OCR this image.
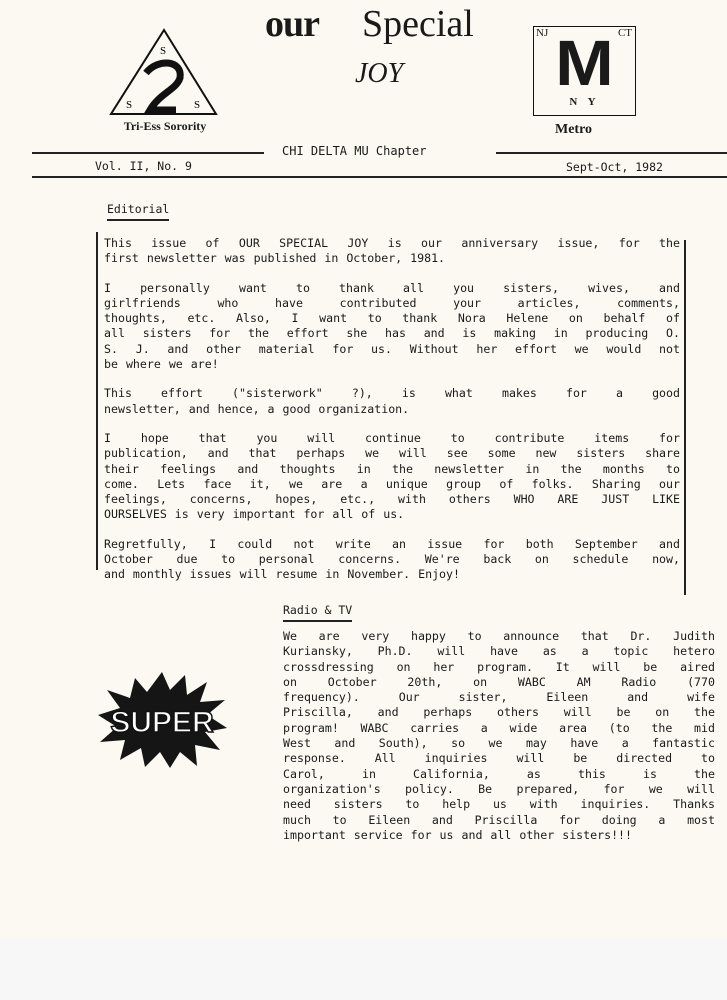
our Special
JOY
S
S	S
Tri-Ess Sorority
NJ	CT
M
N Y
Metro
CHI DELTA MU Chapter
Vol. II, No. 9	Sept-Oct, 1982
Editorial
This issue of OUR SPECIAL JOY is our anniversary issue, for the
first newsletter was published in October, 1981.
I personally want to thank all you sisters, wives, and
girlfriends who have contributed your articles, comments,
thoughts, etc. Also, I want to thank Nora Helene on behalf of
all sisters for the effort she has and is making in producing O.
S. J. and other material for us. Without her effort we would not
be where we are!
This effort ("sisterwork" ?), is what makes for a good
newsletter, and hence, a good organization.
I hope that you will continue to contribute items for
publication, and that perhaps we will see some new sisters share
their feelings and thoughts in the newsletter in the months to
come. Lets face it, we are a unique group of folks. Sharing our
feelings, concerns, hopes, etc., with others WHO ARE JUST LIKE
OURSELVES is very important for all of us.
Regretfully, I could not write an issue for both September and
October due to personal concerns. We're back on schedule now,
and monthly issues will resume in November. Enjoy!
Radio & TV
SUPER
We are very happy to announce that Dr. Judith
Kuriansky, Ph.D. will have as a topic hetero
crossdressing on her program. It will be aired
on October 20th, on WABC AM Radio (770
frequency). Our sister, Eileen and wife
Priscilla, and perhaps others will be on the
program! WABC carries a wide area (to the mid
West and South), so we may have a fantastic
response. All inquiries will be directed to
Carol, in California, as this is the
organization's policy. Be prepared, for we will
need sisters to help us with inquiries. Thanks
much to Eileen and Priscilla for doing a most
important service for us and all other sisters!!!
